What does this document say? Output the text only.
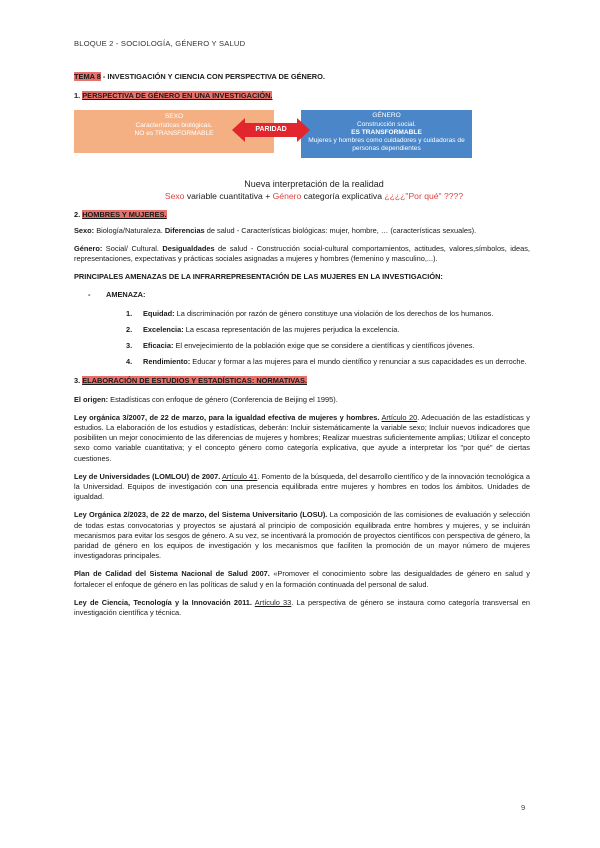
BLOQUE 2 - SOCIOLOGÍA, GÉNERO Y SALUD
TEMA 8 - INVESTIGACIÓN Y CIENCIA CON PERSPECTIVA DE GÉNERO.
1. PERSPECTIVA DE GÉNERO EN UNA INVESTIGACIÓN.
SEXO
Características biológicas.
NO es TRANSFORMABLE
GÉNERO
Construcción social.
ES TRANSFORMABLE
Mujeres y hombres como cuidadores y cuidadoras de
personas dependientes
PARIDAD
Nueva interpretación de la realidad
Sexo variable cuantitativa + Género categoría explicativa ¿¿¿¿"Por qué" ????
2. HOMBRES Y MUJERES.

Sexo: Biología/Naturaleza. Diferencias de salud - Características biológicas: mujer, hombre, … (características sexuales).

Género: Social/ Cultural. Desigualdades de salud - Construcción social-cultural comportamientos, actitudes, valores,símbolos, ideas, representaciones, expectativas y prácticas sociales asignadas a mujeres y hombres (femenino y masculino,...).

PRINCIPALES AMENAZAS DE LA INFRARREPRESENTACIÓN DE LAS MUJERES EN LA INVESTIGACIÓN:
- AMENAZA:
1. Equidad: La discriminación por razón de género constituye una violación de los derechos de los humanos.
2. Excelencia: La escasa representación de las mujeres perjudica la excelencia.
3. Eficacia: El envejecimiento de la población exige que se considere a científicas y científicos jóvenes.
4. Rendimiento: Educar y formar a las mujeres para el mundo científico y renunciar a sus capacidades es un derroche.
3. ELABORACIÓN DE ESTUDIOS Y ESTADÍSTICAS: NORMATIVAS.

El origen: Estadísticas con enfoque de género (Conferencia de Beijing el 1995).

Ley orgánica 3/2007, de 22 de marzo, para la igualdad efectiva de mujeres y hombres. Artículo 20. Adecuación de las estadísticas y estudios. La elaboración de los estudios y estadísticas, deberán: Incluir sistemáticamente la variable sexo; Incluir nuevos indicadores que posibiliten un mejor conocimiento de las diferencias de mujeres y hombres; Realizar muestras suficientemente amplias; Utilizar el concepto sexo como variable cuantitativa; y el concepto género como categoría explicativa, que ayude a interpretar los "por qué" de ciertas cuestiones.

Ley de Universidades (LOMLOU) de 2007. Artículo 41. Fomento de la búsqueda, del desarrollo científico y de la innovación tecnológica a la Universidad. Equipos de investigación con una presencia equilibrada entre mujeres y hombres en todos los ámbitos. Unidades de igualdad.

Ley Orgánica 2/2023, de 22 de marzo, del Sistema Universitario (LOSU). La composición de las comisiones de evaluación y selección de todas estas convocatorias y proyectos se ajustará al principio de composición equilibrada entre hombres y mujeres, y se incluirán mecanismos para evitar los sesgos de género. A su vez, se incentivará la promoción de proyectos científicos con perspectiva de género, la paridad de género en los equipos de investigación y los mecanismos que faciliten la promoción de un mayor número de mujeres investigadoras principales.

Plan de Calidad del Sistema Nacional de Salud 2007. «Promover el conocimiento sobre las desigualdades de género en salud y fortalecer el enfoque de género en las políticas de salud y en la formación continuada del personal de salud.

Ley de Ciencia, Tecnología y la Innovación 2011. Artículo 33. La perspectiva de género se instaura como categoría transversal en investigación científica y técnica.

9
